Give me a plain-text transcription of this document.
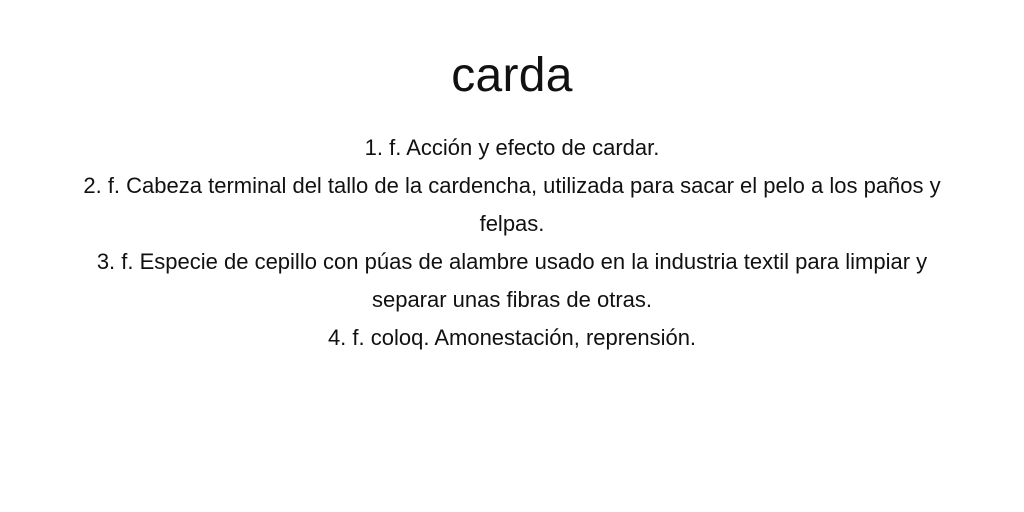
carda
1. f. Acción y efecto de cardar.
2. f. Cabeza terminal del tallo de la cardencha, utilizada para sacar el pelo a los paños y felpas.
3. f. Especie de cepillo con púas de alambre usado en la industria textil para limpiar y separar unas fibras de otras.
4. f. coloq. Amonestación, reprensión.
